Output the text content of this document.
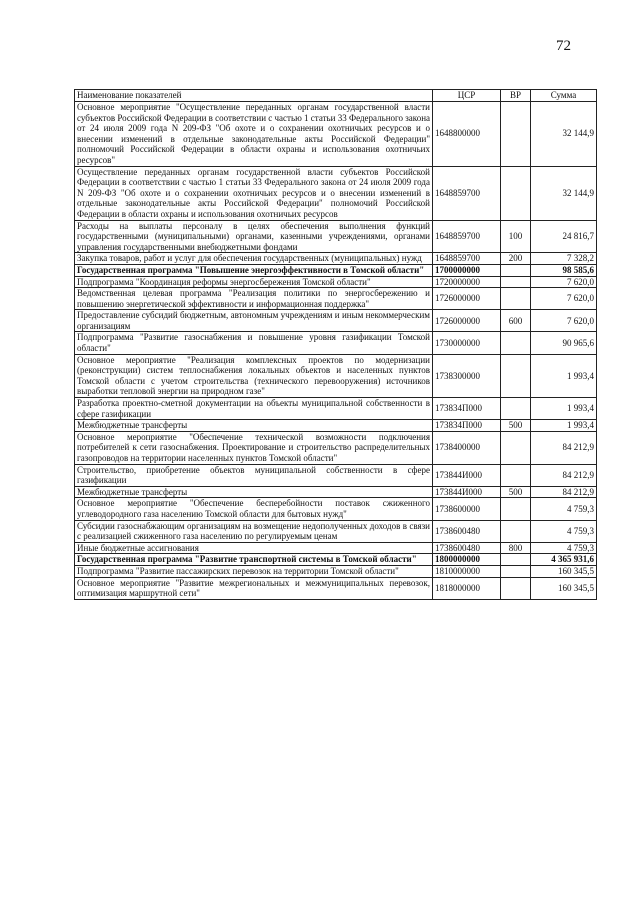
72
Наименование показателей	ЦСР	ВР	Сумма
Основное мероприятие "Осуществление переданных органам государственной власти субъектов Российской Федерации в соответствии с частью 1 статьи 33 Федерального закона от 24 июля 2009 года N 209-ФЗ "Об охоте и о сохранении охотничьих ресурсов и о внесении изменений в отдельные законодательные акты Российской Федерации" полномочий Российской Федерации в области охраны и использования охотничьих ресурсов"	1648800000		32 144,9
Осуществление переданных органам государственной власти субъектов Российской Федерации в соответствии с частью 1 статьи 33 Федерального закона от 24 июля 2009 года N 209-ФЗ "Об охоте и о сохранении охотничьих ресурсов и о внесении изменений в отдельные законодательные акты Российской Федерации" полномочий Российской Федерации в области охраны и использования охотничьих ресурсов	1648859700		32 144,9
Расходы на выплаты персоналу в целях обеспечения выполнения функций государственными (муниципальными) органами, казенными учреждениями, органами управления государственными внебюджетными фондами	1648859700	100	24 816,7
Закупка товаров, работ и услуг для обеспечения государственных (муниципальных) нужд	1648859700	200	7 328,2
Государственная программа "Повышение энергоэффективности в Томской области"	1700000000		98 585,6
Подпрограмма "Координация реформы энергосбережения Томской области"	1720000000		7 620,0
Ведомственная целевая программа "Реализация политики по энергосбережению и повышению энергетической эффективности и информационная поддержка"	1726000000		7 620,0
Предоставление субсидий бюджетным, автономным учреждениям и иным некоммерческим организациям	1726000000	600	7 620,0
Подпрограмма "Развитие газоснабжения и повышение уровня газификации Томской области"	1730000000		90 965,6
Основное мероприятие "Реализация комплексных проектов по модернизации (реконструкции) систем теплоснабжения локальных объектов и населенных пунктов Томской области с учетом строительства (технического перевооружения) источников выработки тепловой энергии на природном газе"	1738300000		1 993,4
Разработка проектно-сметной документации на объекты муниципальной собственности в сфере газификации	173834П000		1 993,4
Межбюджетные трансферты	173834П000	500	1 993,4
Основное мероприятие "Обеспечение технической возможности подключения потребителей к сети газоснабжения. Проектирование и строительство распределительных газопроводов на территории населенных пунктов Томской области"	1738400000		84 212,9
Строительство, приобретение объектов муниципальной собственности в сфере газификации	173844И000		84 212,9
Межбюджетные трансферты	173844И000	500	84 212,9
Основное мероприятие "Обеспечение бесперебойности поставок сжиженного углеводородного газа населению Томской области для бытовых нужд"	1738600000		4 759,3
Субсидии газоснабжающим организациям на возмещение недополученных доходов в связи с реализацией сжиженного газа населению по регулируемым ценам	1738600480		4 759,3
Иные бюджетные ассигнования	1738600480	800	4 759,3
Государственная программа "Развитие транспортной системы в Томской области"	1800000000		4 365 931,6
Подпрограмма "Развитие пассажирских перевозок на территории Томской области"	1810000000		160 345,5
Основное мероприятие "Развитие межрегиональных и межмуниципальных перевозок, оптимизация маршрутной сети"	1818000000		160 345,5
